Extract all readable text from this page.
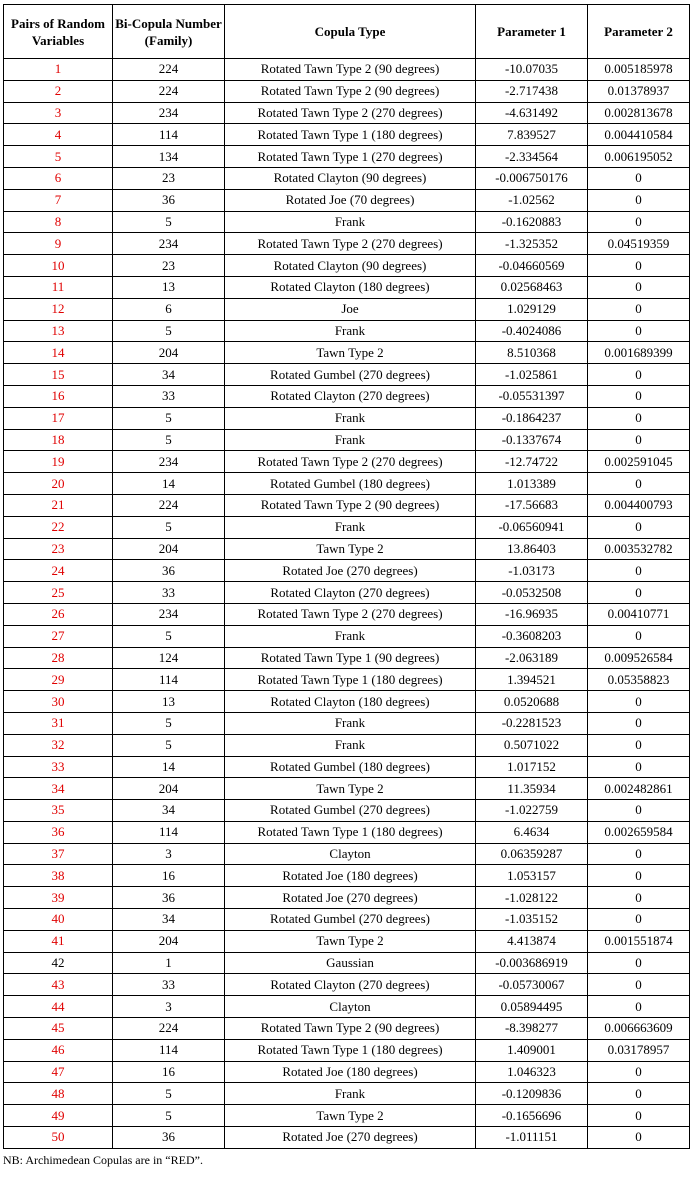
Pairs of Random Variables	Bi-Copula Number (Family)	Copula Type	Parameter 1	Parameter 2
1	224	Rotated Tawn Type 2 (90 degrees)	-10.07035	0.005185978
2	224	Rotated Tawn Type 2 (90 degrees)	-2.717438	0.01378937
3	234	Rotated Tawn Type 2 (270 degrees)	-4.631492	0.002813678
4	114	Rotated Tawn Type 1 (180 degrees)	7.839527	0.004410584
5	134	Rotated Tawn Type 1 (270 degrees)	-2.334564	0.006195052
6	23	Rotated Clayton (90 degrees)	-0.006750176	0
7	36	Rotated Joe (70 degrees)	-1.02562	0
8	5	Frank	-0.1620883	0
9	234	Rotated Tawn Type 2 (270 degrees)	-1.325352	0.04519359
10	23	Rotated Clayton (90 degrees)	-0.04660569	0
11	13	Rotated Clayton (180 degrees)	0.02568463	0
12	6	Joe	1.029129	0
13	5	Frank	-0.4024086	0
14	204	Tawn Type 2	8.510368	0.001689399
15	34	Rotated Gumbel (270 degrees)	-1.025861	0
16	33	Rotated Clayton (270 degrees)	-0.05531397	0
17	5	Frank	-0.1864237	0
18	5	Frank	-0.1337674	0
19	234	Rotated Tawn Type 2 (270 degrees)	-12.74722	0.002591045
20	14	Rotated Gumbel (180 degrees)	1.013389	0
21	224	Rotated Tawn Type 2 (90 degrees)	-17.56683	0.004400793
22	5	Frank	-0.06560941	0
23	204	Tawn Type 2	13.86403	0.003532782
24	36	Rotated Joe (270 degrees)	-1.03173	0
25	33	Rotated Clayton (270 degrees)	-0.0532508	0
26	234	Rotated Tawn Type 2 (270 degrees)	-16.96935	0.00410771
27	5	Frank	-0.3608203	0
28	124	Rotated Tawn Type 1 (90 degrees)	-2.063189	0.009526584
29	114	Rotated Tawn Type 1 (180 degrees)	1.394521	0.05358823
30	13	Rotated Clayton (180 degrees)	0.0520688	0
31	5	Frank	-0.2281523	0
32	5	Frank	0.5071022	0
33	14	Rotated Gumbel (180 degrees)	1.017152	0
34	204	Tawn Type 2	11.35934	0.002482861
35	34	Rotated Gumbel (270 degrees)	-1.022759	0
36	114	Rotated Tawn Type 1 (180 degrees)	6.4634	0.002659584
37	3	Clayton	0.06359287	0
38	16	Rotated Joe (180 degrees)	1.053157	0
39	36	Rotated Joe (270 degrees)	-1.028122	0
40	34	Rotated Gumbel (270 degrees)	-1.035152	0
41	204	Tawn Type 2	4.413874	0.001551874
42	1	Gaussian	-0.003686919	0
43	33	Rotated Clayton (270 degrees)	-0.05730067	0
44	3	Clayton	0.05894495	0
45	224	Rotated Tawn Type 2 (90 degrees)	-8.398277	0.006663609
46	114	Rotated Tawn Type 1 (180 degrees)	1.409001	0.03178957
47	16	Rotated Joe (180 degrees)	1.046323	0
48	5	Frank	-0.1209836	0
49	5	Tawn Type 2	-0.1656696	0
50	36	Rotated Joe (270 degrees)	-1.011151	0
NB: Archimedean Copulas are in “RED”.
